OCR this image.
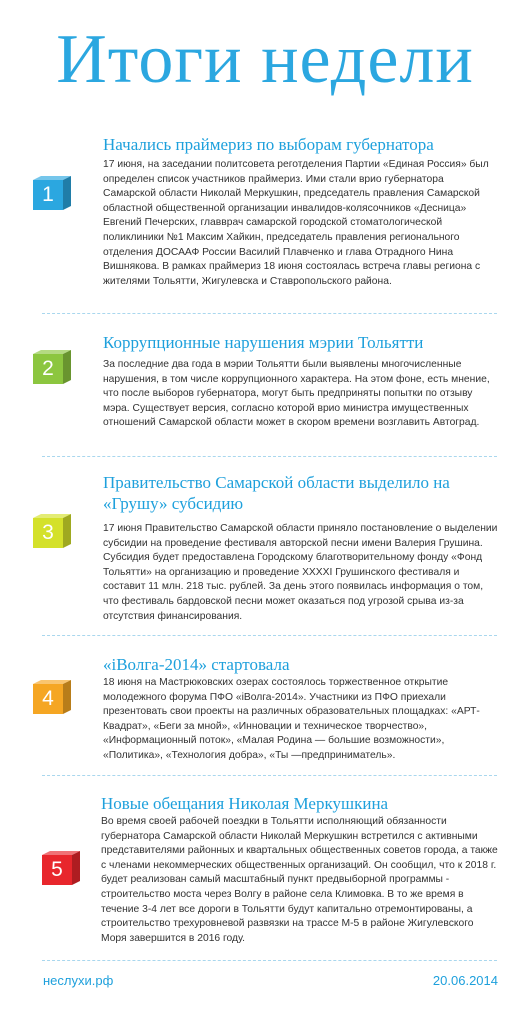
Итоги недели
Начались праймериз по выборам губернатора
17 июня, на заседании политсовета реготделения Партии «Единая Россия» был определен список участников праймериз. Ими стали врио губернатора Самарской области Николай Меркушкин, председатель правления Самарской областной общественной организации инвалидов-колясочников «Десница» Евгений Печерских, главврач самарской городской стоматологической поликлиники №1 Максим Хайкин, председатель правления регионального отделения ДОСААФ России Василий Плавченко и глава Отрадного Нина Вишнякова. В рамках праймериз 18 июня состоялась встреча главы региона с жителями Тольятти, Жигулевска и Ставропольского района.
1
Коррупционные нарушения мэрии Тольятти
За последние два года в мэрии Тольятти были выявлены многочисленные нарушения, в том числе коррупционного характера. На этом фоне, есть мнение, что после выборов губернатора, могут быть предприняты попытки по отзыву мэра. Существует версия, согласно которой врио министра имущественных отношений Самарской области может в скором времени возглавить Автоград.
2
Правительство Самарской области выделило на «Грушу» субсидию
17 июня Правительство Самарской области приняло постановление о выделении субсидии на проведение фестиваля авторской песни имени Валерия Грушина. Субсидия будет предоставлена Городскому благотворительному фонду «Фонд Тольятти» на организацию и проведение XXXXI Грушинского фестиваля и составит 11 млн. 218 тыс. рублей. За день этого появилась информация о том, что фестиваль бардовской песни может оказаться под угрозой срыва из-за отсутствия финансирования.
3
«iВолга-2014» стартовала
18 июня на Мастрюковских озерах состоялось торжественное открытие молодежного форума ПФО «iВолга-2014». Участники из ПФО приехали презентовать свои проекты на различных образовательных площадках: «АРТ-Квадрат», «Беги за мной», «Инновации и техническое творчество», «Информационный поток», «Малая Родина — большие возможности», «Политика», «Технология добра», «Ты —предприниматель».
4
Новые обещания Николая Меркушкина
Во время своей рабочей поездки в Тольятти исполняющий обязанности губернатора Самарской области Николай Меркушкин встретился с активными представителями районных и квартальных общественных советов города, а также с членами некоммерческих общественных организаций. Он сообщил, что к 2018 г. будет реализован самый масштабный пункт предвыборной программы - строительство моста через Волгу в районе села Климовка. В то же время в течение 3-4 лет все дороги в Тольятти будут капитально отремонтированы, а строительство трехуровневой развязки на трассе М-5 в районе Жигулевского Моря завершится в 2016 году.
5
неслухи.рф	20.06.2014
